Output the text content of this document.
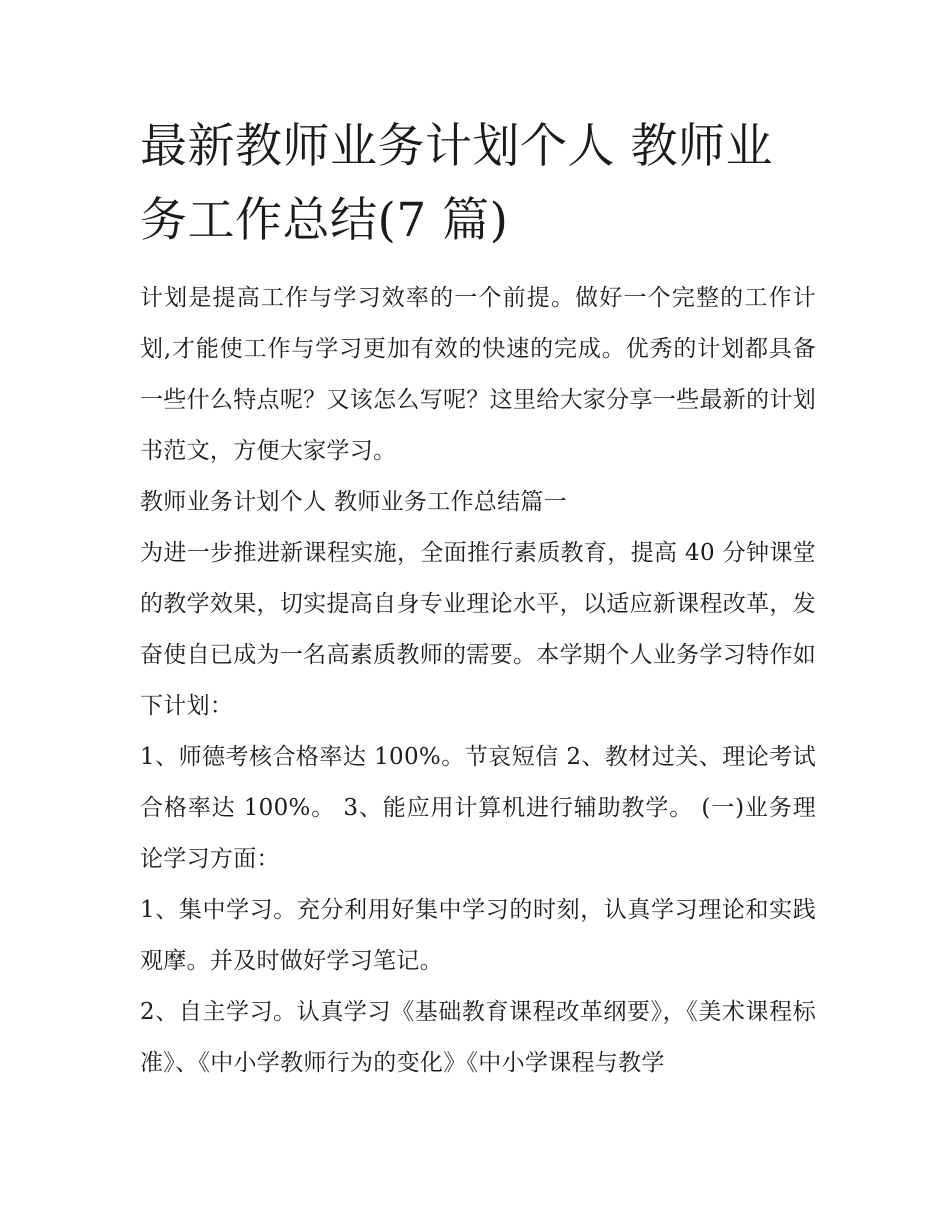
最新教师业务计划个人 教师业
务工作总结(7 篇)

计划是提高工作与学习效率的一个前提。做好一个完整的工作计划,才能使工作与学习更加有效的快速的完成。优秀的计划都具备一些什么特点呢？又该怎么写呢？这里给大家分享一些最新的计划书范文，方便大家学习。

教师业务计划个人 教师业务工作总结篇一

为进一步推进新课程实施，全面推行素质教育，提高 40 分钟课堂的教学效果，切实提高自身专业理论水平，以适应新课程改革，发奋使自已成为一名高素质教师的需要。本学期个人业务学习特作如下计划：

1、师德考核合格率达 100%。节哀短信 2、教材过关、理论考试合格率达 100%。 3、能应用计算机进行辅助教学。 (一)业务理论学习方面：

1、集中学习。充分利用好集中学习的时刻，认真学习理论和实践观摩。并及时做好学习笔记。

2、自主学习。认真学习《基础教育课程改革纲要》，《美术课程标准》、《中小学教师行为的变化》《中小学课程与教学
